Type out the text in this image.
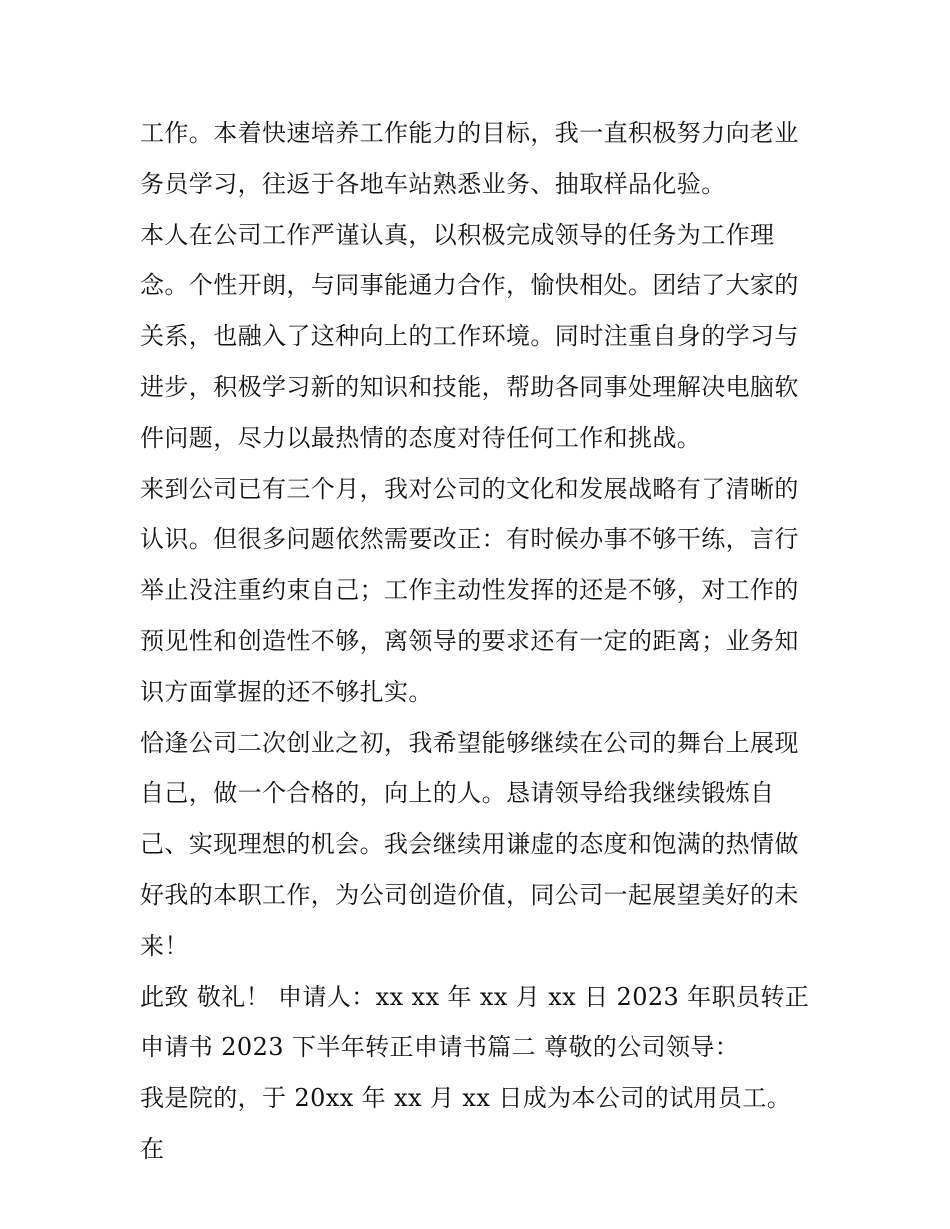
工作。本着快速培养工作能力的目标，我一直积极努力向老业务员学习，往返于各地车站熟悉业务、抽取样品化验。

本人在公司工作严谨认真，以积极完成领导的任务为工作理念。个性开朗，与同事能通力合作，愉快相处。团结了大家的关系，也融入了这种向上的工作环境。同时注重自身的学习与进步，积极学习新的知识和技能，帮助各同事处理解决电脑软件问题，尽力以最热情的态度对待任何工作和挑战。

来到公司已有三个月，我对公司的文化和发展战略有了清晰的认识。但很多问题依然需要改正：有时候办事不够干练，言行举止没注重约束自己；工作主动性发挥的还是不够，对工作的预见性和创造性不够，离领导的要求还有一定的距离；业务知识方面掌握的还不够扎实。

恰逢公司二次创业之初，我希望能够继续在公司的舞台上展现自己，做一个合格的，向上的人。恳请领导给我继续锻炼自己、实现理想的机会。我会继续用谦虚的态度和饱满的热情做好我的本职工作，为公司创造价值，同公司一起展望美好的未来！

此致 敬礼！ 申请人：xx xx 年 xx 月 xx 日 2023 年职员转正申请书 2023 下半年转正申请书篇二 尊敬的公司领导：

我是院的，于 20xx 年 xx 月 xx 日成为本公司的试用员工。在
